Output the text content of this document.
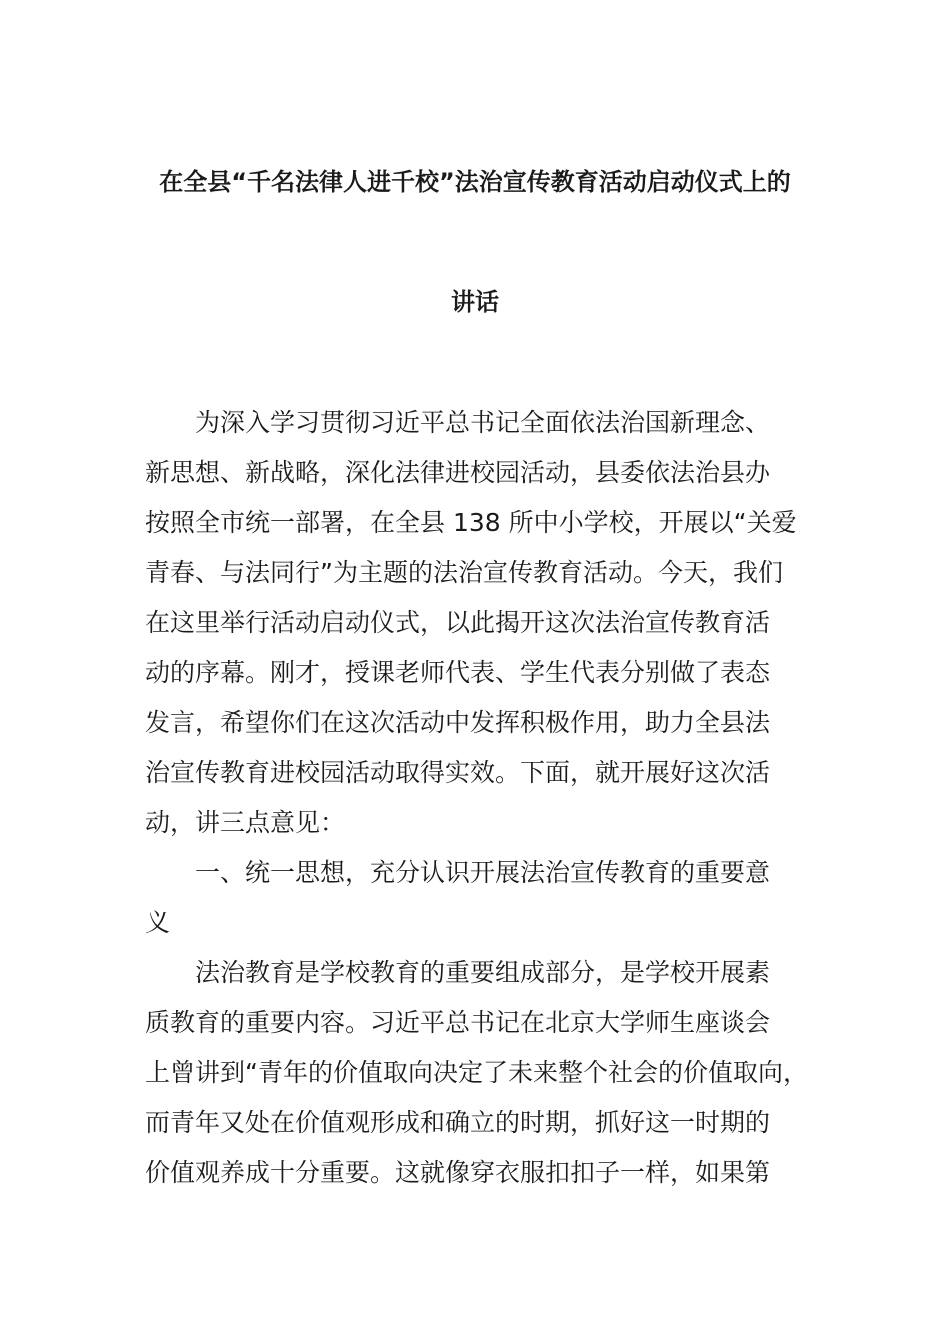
在全县“千名法律人进千校”法治宣传教育活动启动仪式上的
讲话
　　为深入学习贯彻习近平总书记全面依法治国新理念、
新思想、新战略，深化法律进校园活动，县委依法治县办
按照全市统一部署，在全县 138 所中小学校，开展以“关爱
青春、与法同行”为主题的法治宣传教育活动。今天，我们
在这里举行活动启动仪式，以此揭开这次法治宣传教育活
动的序幕。刚才，授课老师代表、学生代表分别做了表态
发言，希望你们在这次活动中发挥积极作用，助力全县法
治宣传教育进校园活动取得实效。下面，就开展好这次活
动，讲三点意见：
　　一、统一思想，充分认识开展法治宣传教育的重要意
义
　　法治教育是学校教育的重要组成部分，是学校开展素
质教育的重要内容。习近平总书记在北京大学师生座谈会
上曾讲到“青年的价值取向决定了未来整个社会的价值取向，
而青年又处在价值观形成和确立的时期，抓好这一时期的
价值观养成十分重要。这就像穿衣服扣扣子一样，如果第
